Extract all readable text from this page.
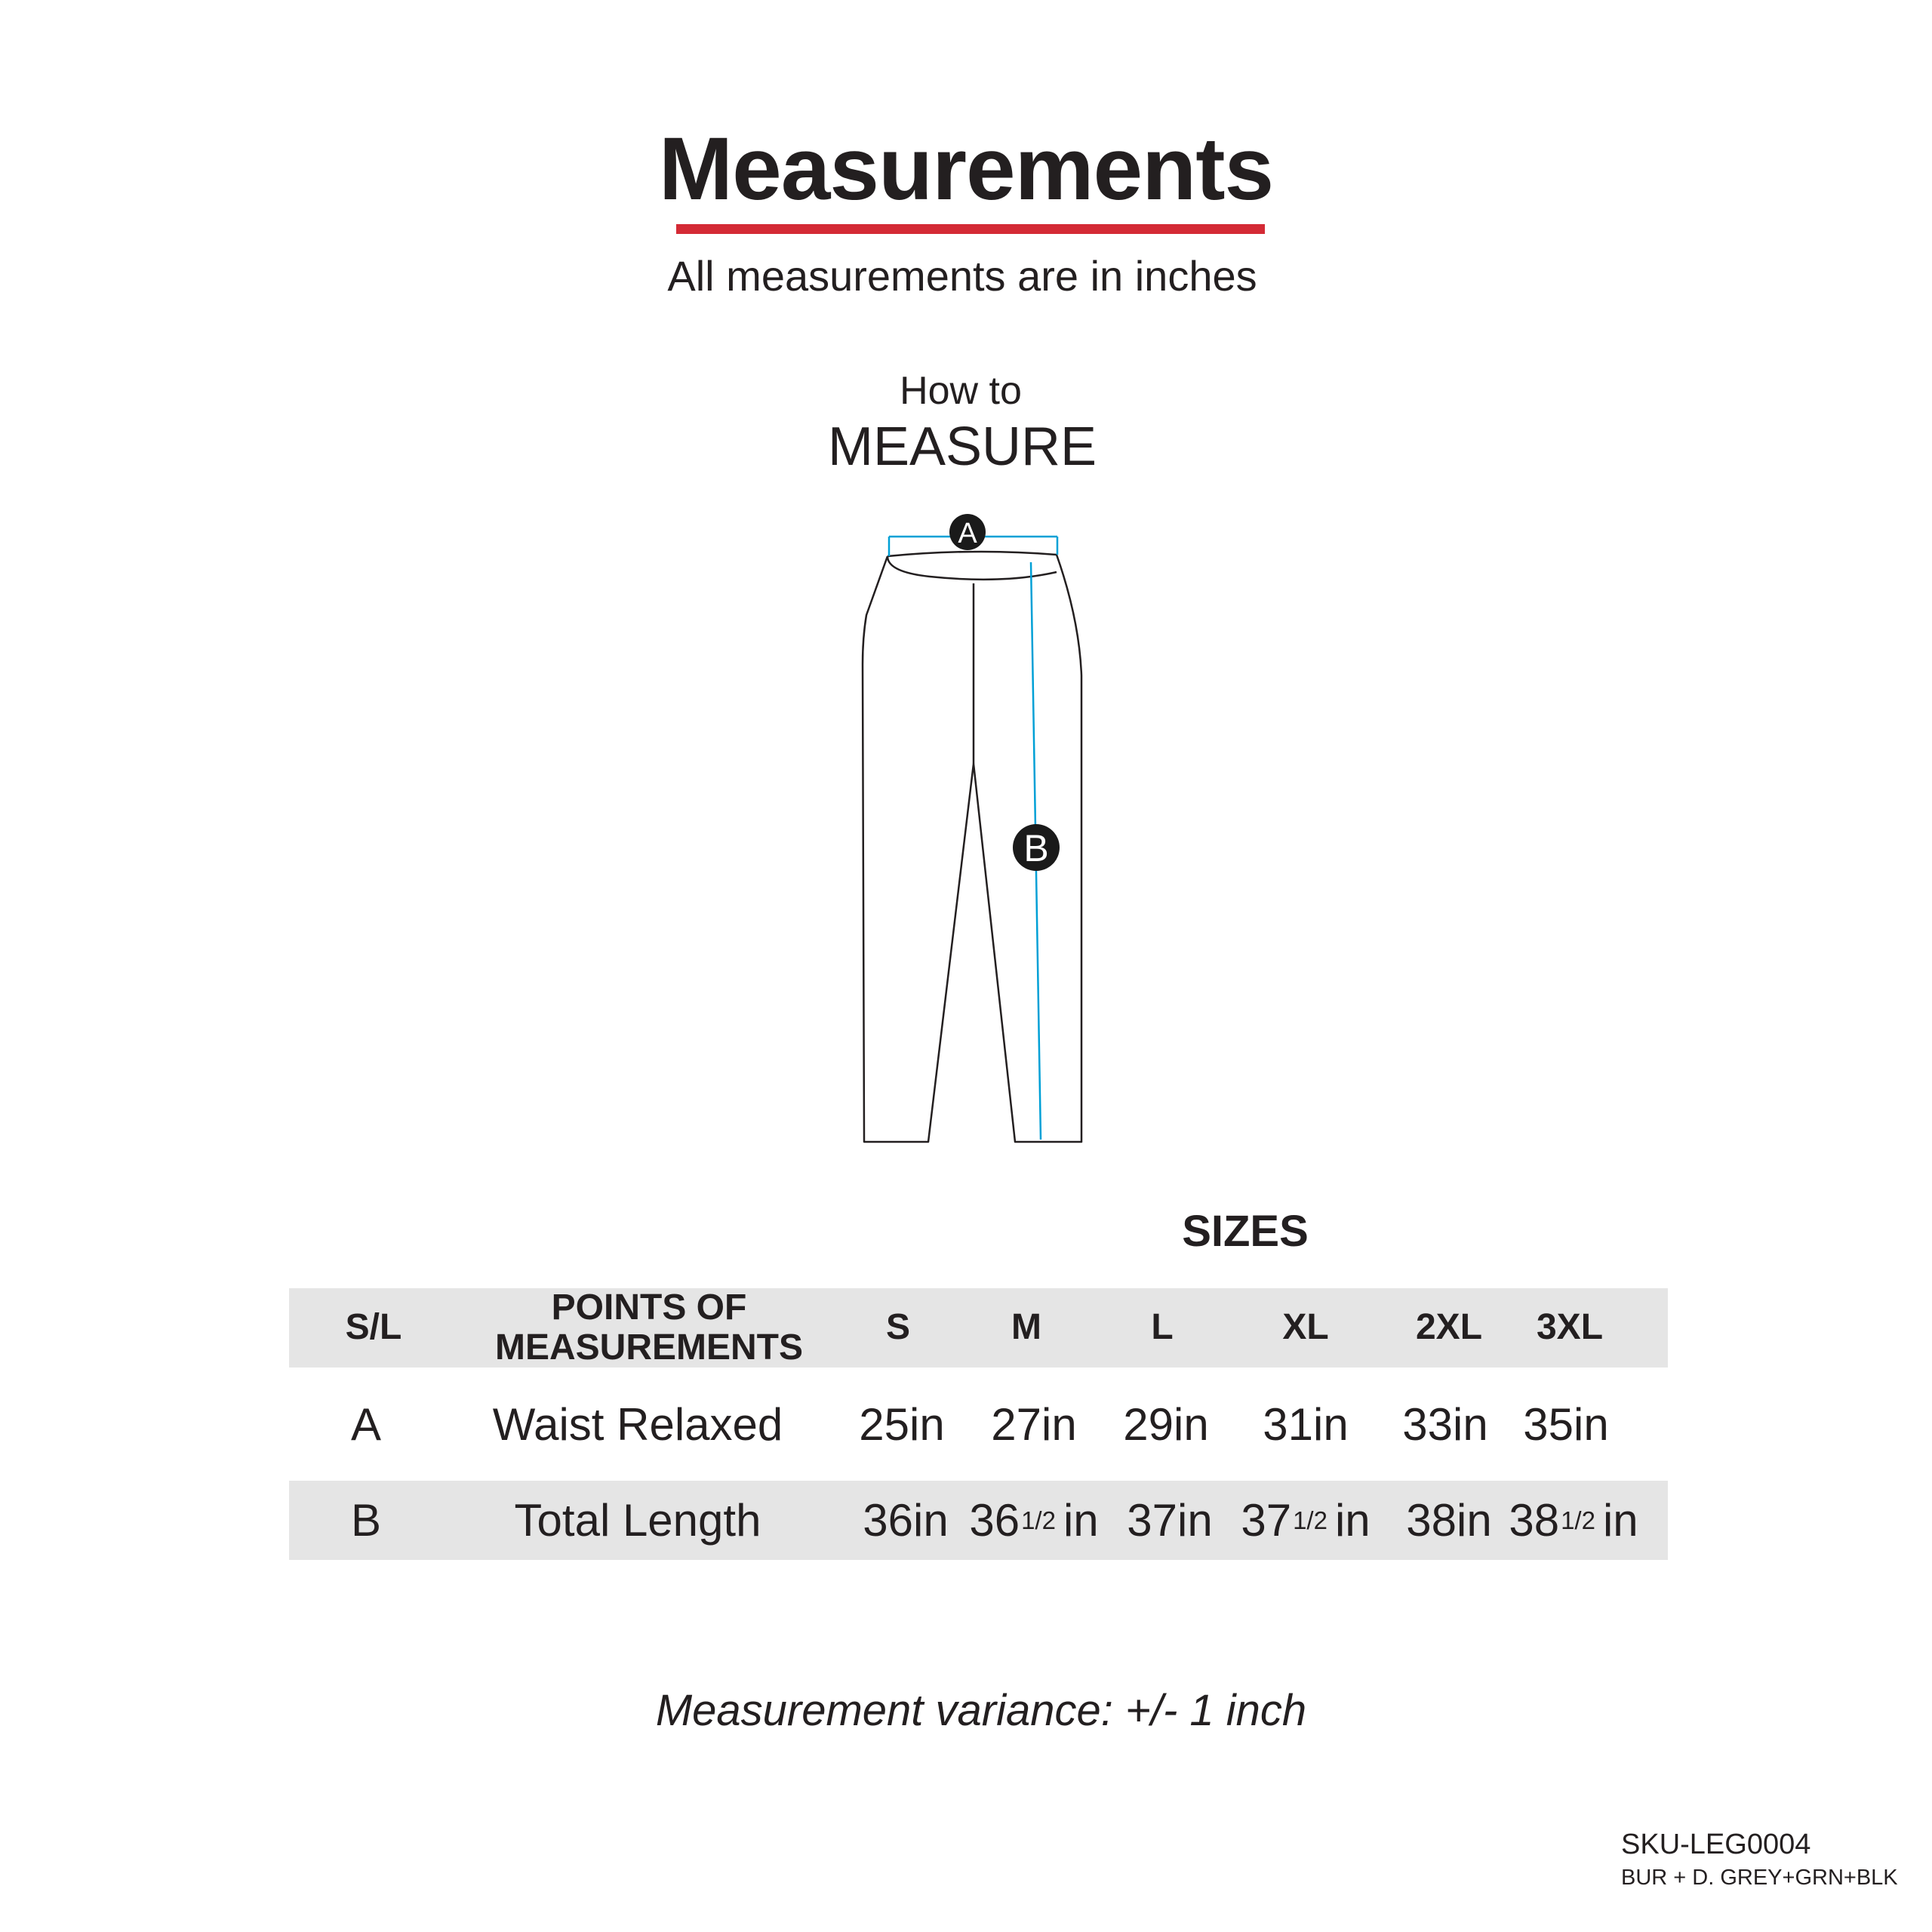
Measurements
All measurements are in inches
How to
MEASURE
A
B
SIZES
S/L	POINTS OF MEASUREMENTS	S	M	L	XL	2XL	3XL
A	Waist Relaxed	25 in 27 in 29 in 31 in 33 in 35 in
B	Total Length	36 in 36 1/2 in 37 in 37 1/2 in 38 in 38 1/2 in
Measurement variance: +/- 1 inch
SKU-LEG0004
BUR + D. GREY+GRN+BLK
